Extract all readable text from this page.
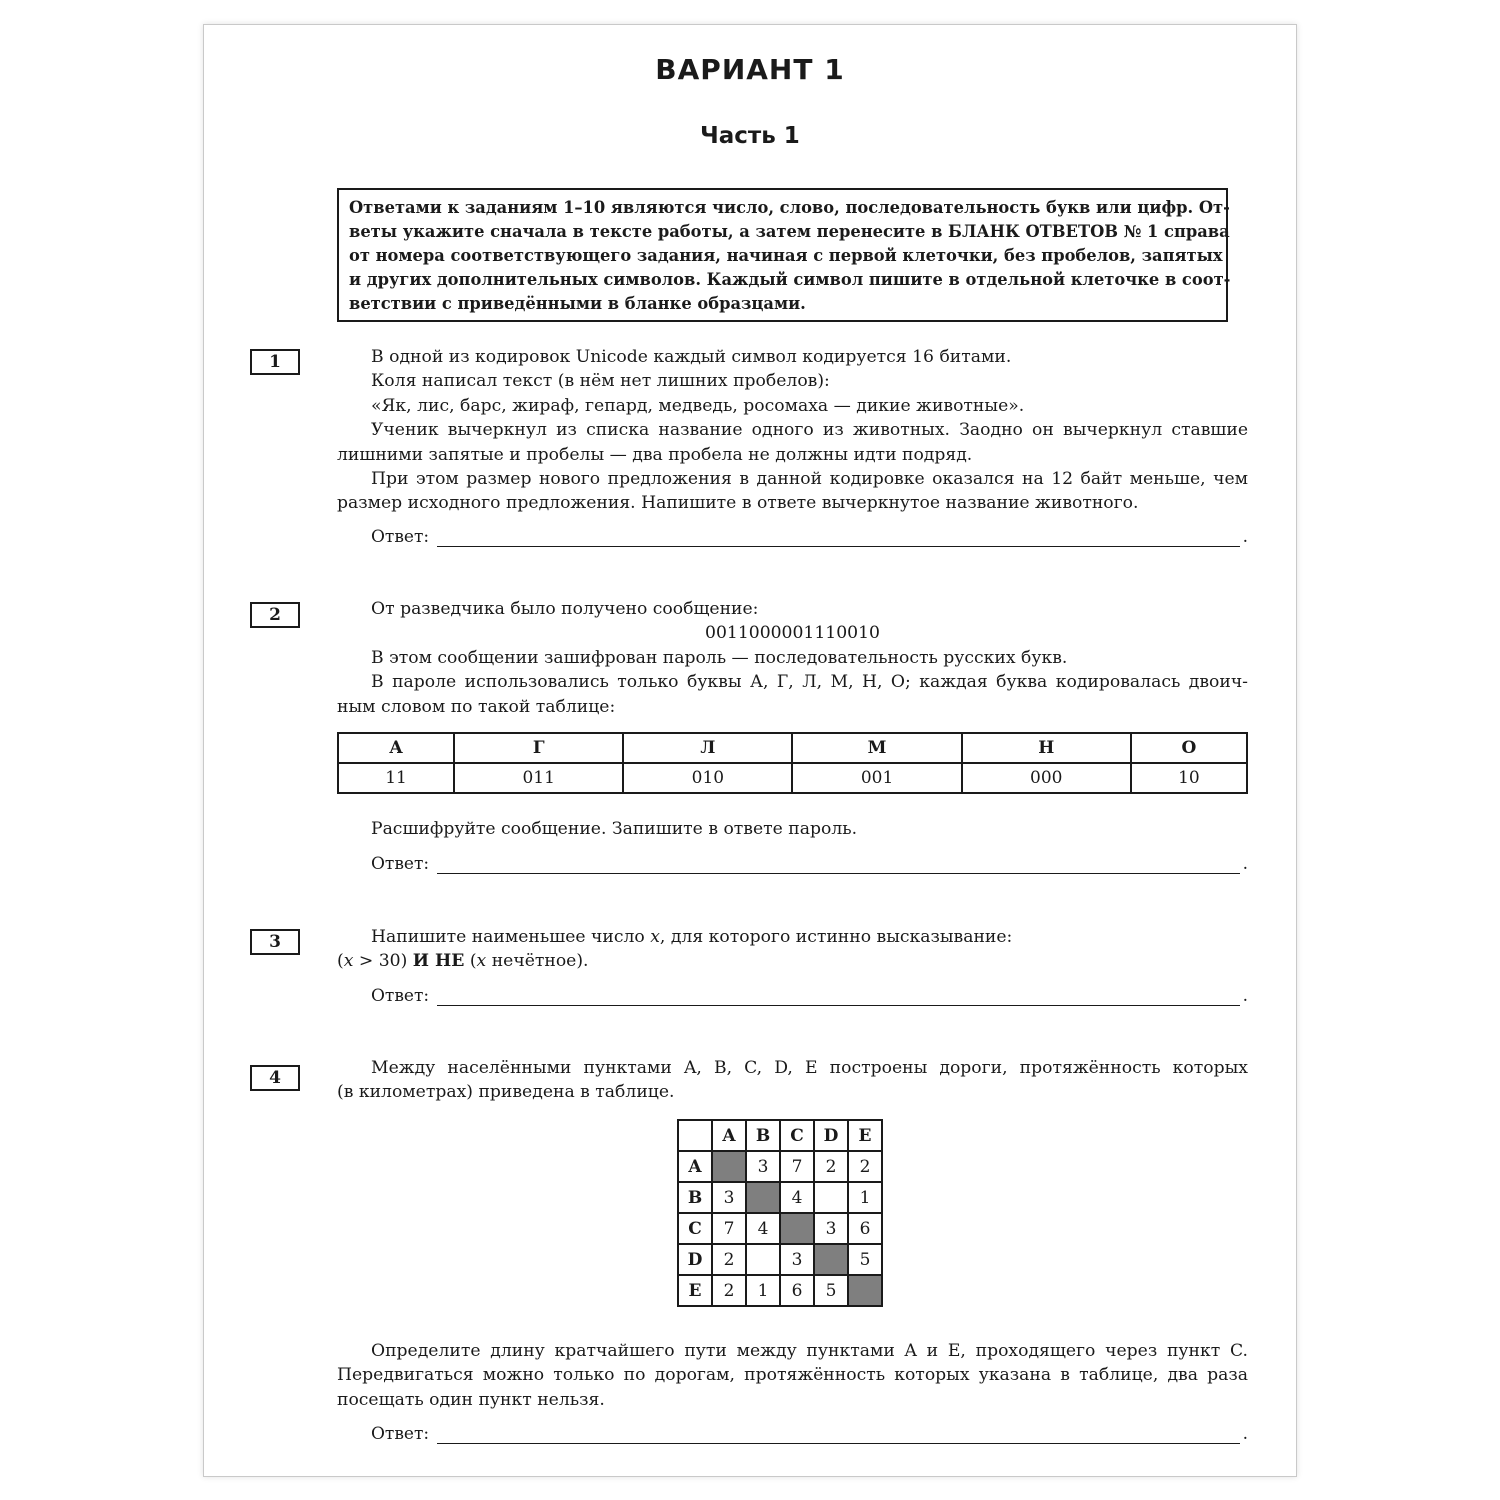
ВАРИАНТ 1
Часть 1
Ответами к заданиям 1–10 являются число, слово, последовательность букв или цифр. От-
веты укажите сначала в тексте работы, а затем перенесите в БЛАНК ОТВЕТОВ № 1 справа
от номера соответствующего задания, начиная с первой клеточки, без пробелов, запятых
и других дополнительных символов. Каждый символ пишите в отдельной клеточке в соот-
ветствии с приведёнными в бланке образцами.
1	В одной из кодировок Unicode каждый символ кодируется 16 битами.
Коля написал текст (в нём нет лишних пробелов):
«Як, лис, барс, жираф, гепард, медведь, росомаха — дикие животные».
Ученик вычеркнул из списка название одного из животных. Заодно он вычеркнул ставшие
лишними запятые и пробелы — два пробела не должны идти подряд.
При этом размер нового предложения в данной кодировке оказался на 12 байт меньше, чем
размер исходного предложения. Напишите в ответе вычеркнутое название животного.
Ответ:	.
2	От разведчика было получено сообщение:
0011000001110010
В этом сообщении зашифрован пароль — последовательность русских букв.
В пароле использовались только буквы А, Г, Л, М, Н, О; каждая буква кодировалась двоич-
ным словом по такой таблице:
А	Г	Л	М	Н	О
11	011	010	001	000	10
Расшифруйте сообщение. Запишите в ответе пароль.
Ответ:	.
3	Напишите наименьшее число x, для которого истинно высказывание:
(x > 30) И НЕ (x нечётное).
Ответ:	.
4	Между населёнными пунктами A, B, C, D, E построены дороги, протяжённость которых
(в километрах) приведена в таблице.
	A	B	C	D	E
A		3	7	2	2
B	3		4		1
C	7	4		3	6
D	2		3		5
E	2	1	6	5	
Определите длину кратчайшего пути между пунктами A и E, проходящего через пункт C.
Передвигаться можно только по дорогам, протяжённость которых указана в таблице, два раза
посещать один пункт нельзя.
Ответ:	.
